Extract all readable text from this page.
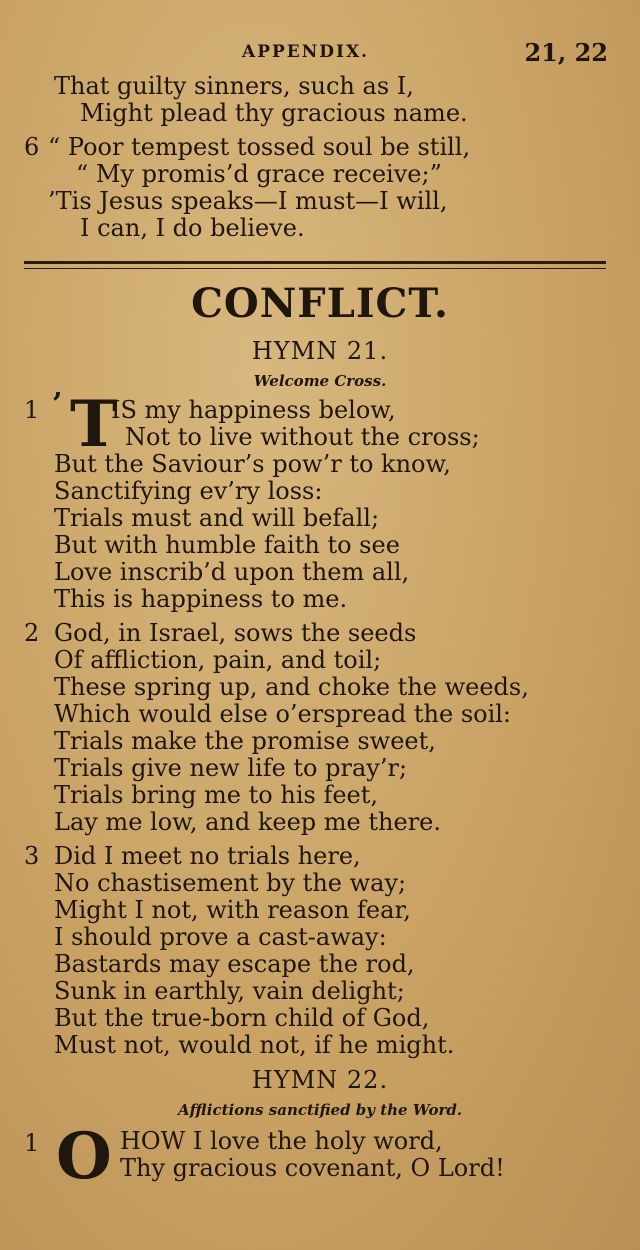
APPENDIX.	21, 22
That guilty sinners, such as I,
Might plead thy gracious name.
6 “ Poor tempest tossed soul be still,
“ My promis’d grace receive;”
’Tis Jesus speaks—I must—I will,
I can, I do believe.
CONFLICT.
HYMN 21.
Welcome Cross.
1 T
’ IS my happiness below,
Not to live without the cross;
But the Saviour’s pow’r to know,
Sanctifying ev’ry loss:
Trials must and will befall;
But with humble faith to see
Love inscrib’d upon them all,
This is happiness to me.
2 God, in Israel, sows the seeds
Of affliction, pain, and toil;
These spring up, and choke the weeds,
Which would else o’erspread the soil:
Trials make the promise sweet,
Trials give new life to pray’r;
Trials bring me to his feet,
Lay me low, and keep me there.
3 Did I meet no trials here,
No chastisement by the way;
Might I not, with reason fear,
I should prove a cast-away:
Bastards may escape the rod,
Sunk in earthly, vain delight;
But the true-born child of God,
Must not, would not, if he might.
HYMN 22.
Afflictions sanctified by the Word.
1 O HOW I love the holy word,
Thy gracious covenant, O Lord!
